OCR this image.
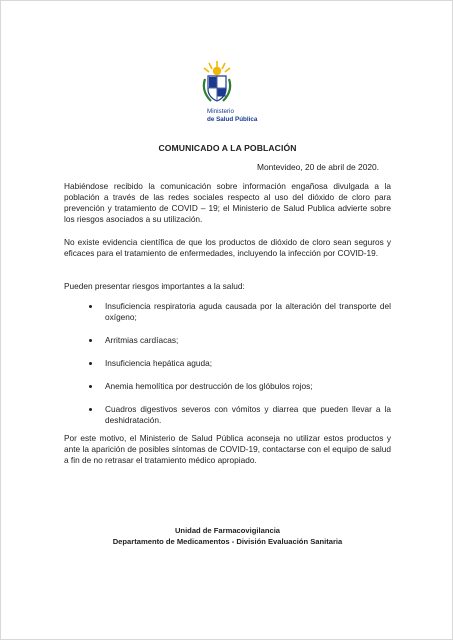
Ministerio
de Salud Pública
COMUNICADO A LA POBLACIÓN
Montevideo, 20 de abril de 2020.
Habiéndose recibido la comunicación sobre información engañosa divulgada a la población a través de las redes sociales respecto al uso del dióxido de cloro para prevención y tratamiento de COVID – 19; el Ministerio de Salud Publica advierte sobre los riesgos asociados a su utilización.
No existe evidencia científica de que los productos de dióxido de cloro sean seguros y eficaces para el tratamiento de enfermedades, incluyendo la infección por COVID-19.
Pueden presentar riesgos importantes a la salud:
Insuficiencia respiratoria aguda causada por la alteración del transporte del oxígeno;
Arritmias cardíacas;
Insuficiencia hepática aguda;
Anemia hemolítica por destrucción de los glóbulos rojos;
Cuadros digestivos severos con vómitos y diarrea que pueden llevar a la deshidratación.
Por este motivo, el Ministerio de Salud Pública aconseja no utilizar estos productos y ante la aparición de posibles síntomas de COVID-19, contactarse con el equipo de salud a fin de no retrasar el tratamiento médico apropiado.
Unidad de Farmacovigilancia
Departamento de Medicamentos - División Evaluación Sanitaria
